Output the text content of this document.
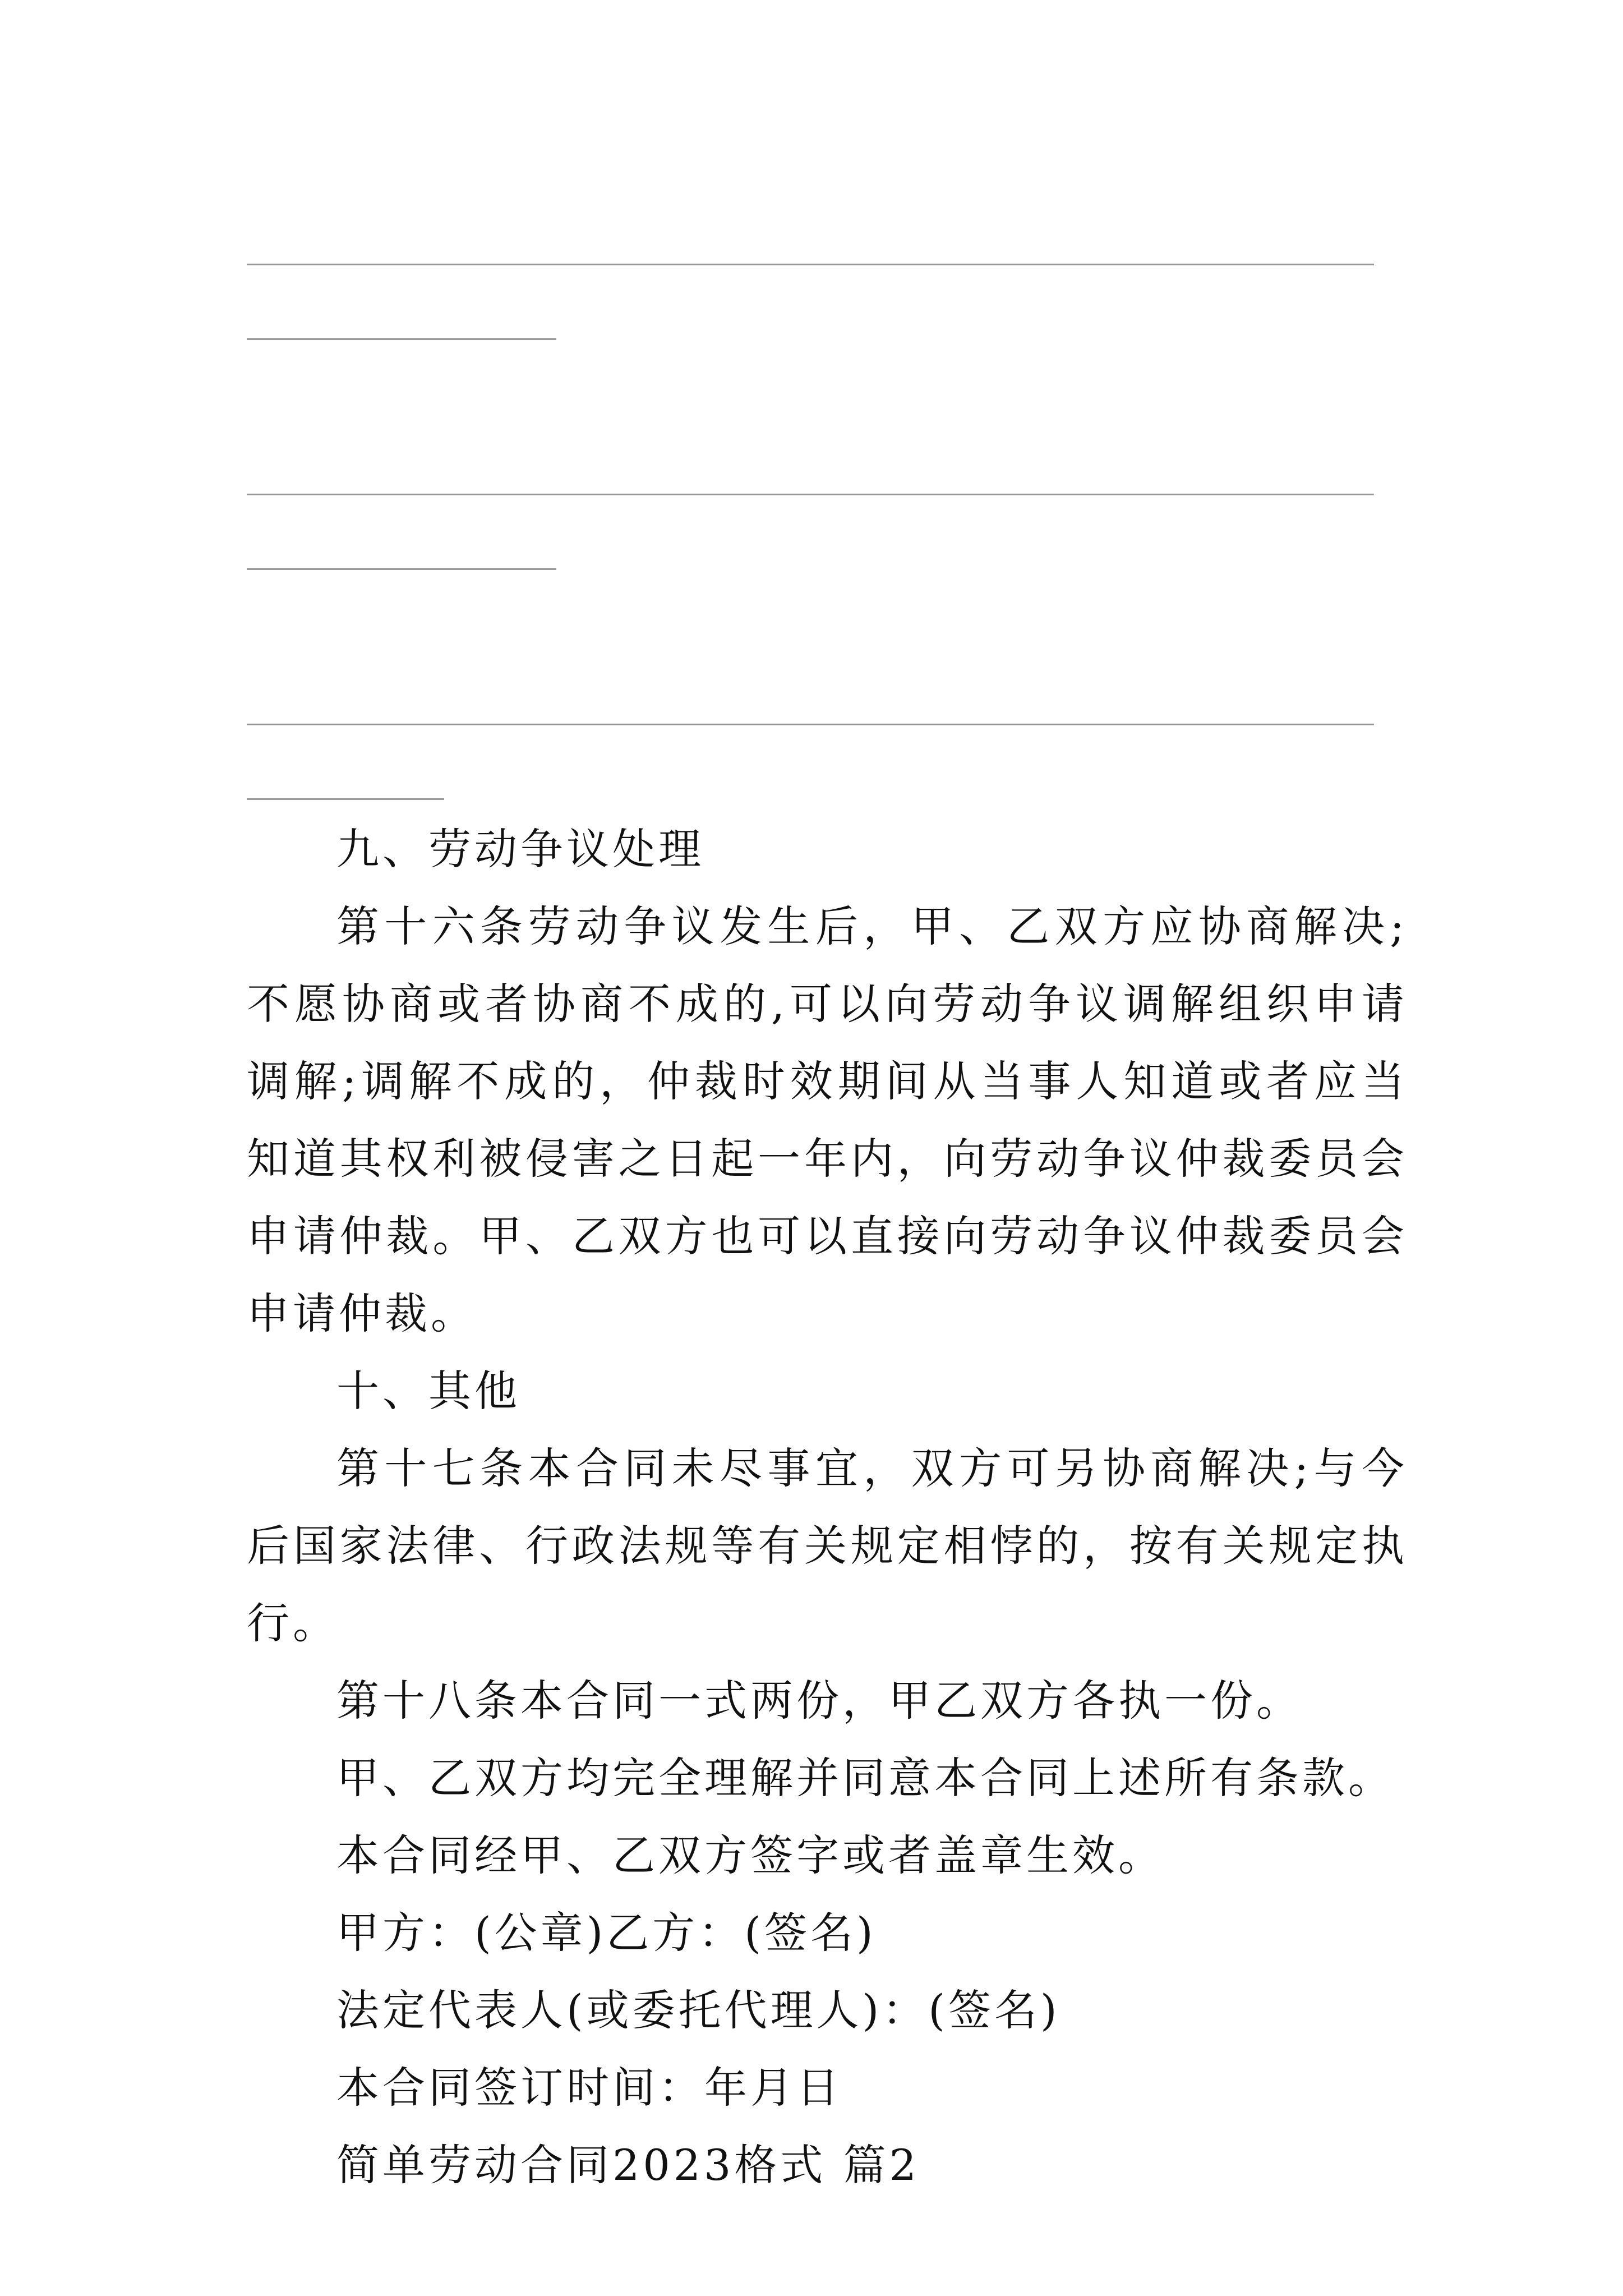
九、劳动争议处理

第十六条劳动争议发生后，甲、乙双方应协商解决;不愿协商或者协商不成的,可以向劳动争议调解组织申请调解;调解不成的，仲裁时效期间从当事人知道或者应当知道其权利被侵害之日起一年内，向劳动争议仲裁委员会申请仲裁。甲、乙双方也可以直接向劳动争议仲裁委员会申请仲裁。

十、其他

第十七条本合同未尽事宜，双方可另协商解决;与今后国家法律、行政法规等有关规定相悖的，按有关规定执行。

第十八条本合同一式两份，甲乙双方各执一份。

甲、乙双方均完全理解并同意本合同上述所有条款。

本合同经甲、乙双方签字或者盖章生效。

甲方：(公章)乙方：(签名)

法定代表人(或委托代理人)：(签名)

本合同签订时间：年月日

简单劳动合同2023格式 篇2
